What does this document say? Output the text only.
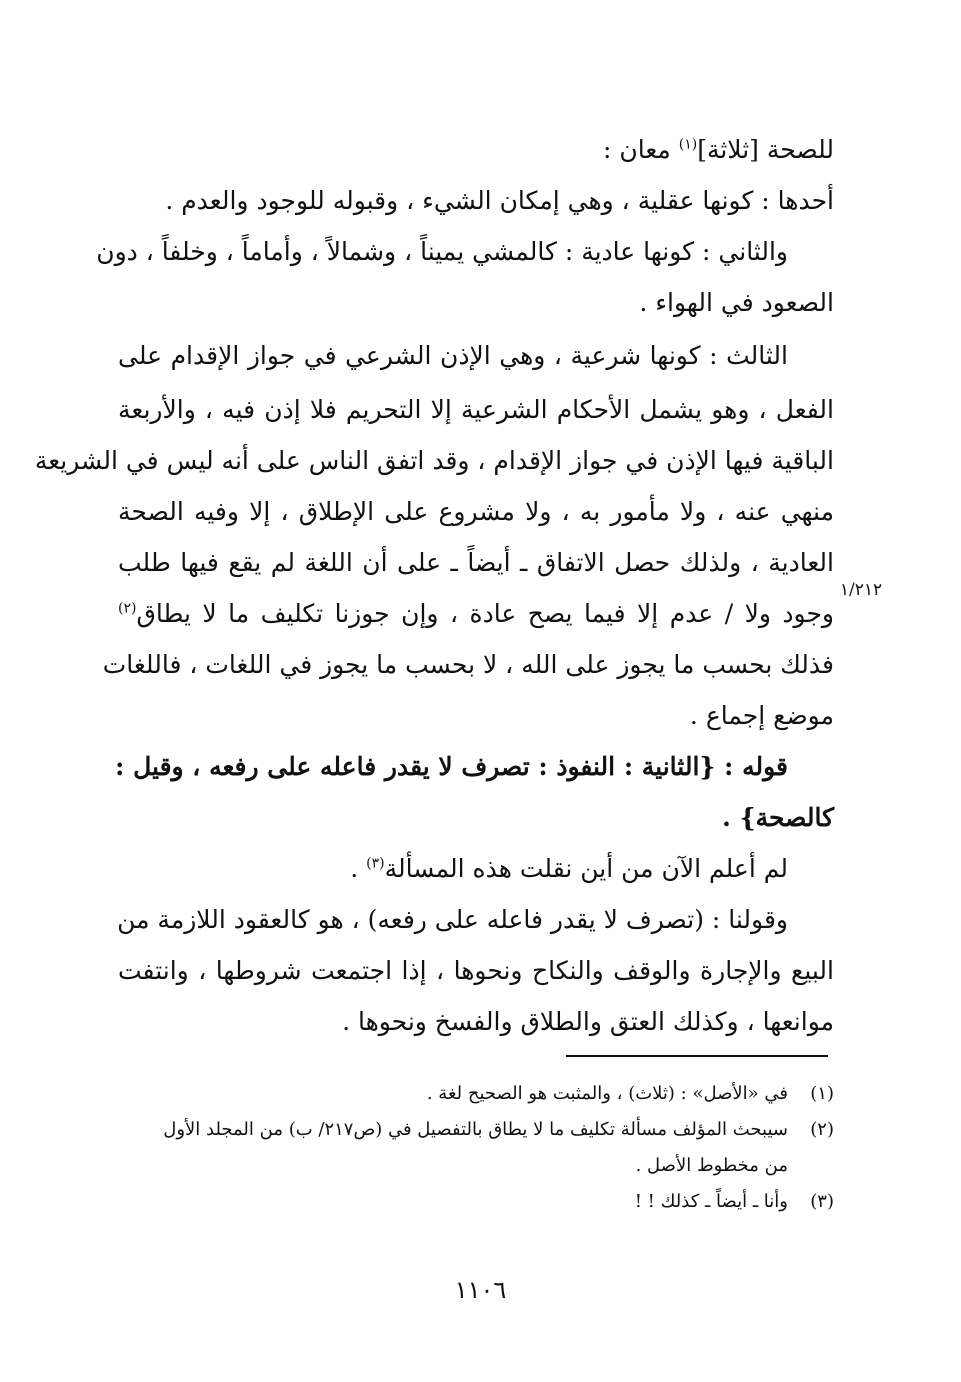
للصحة [ثلاثة]$^{(١)}$ معان :
أحدها : كونها عقلية ، وهي إمكان الشيء ، وقبوله للوجود والعدم .
والثاني : كونها عادية : كالمشي يميناً ، وشمالاً ، وأماماً ، وخلفاً ، دون
الصعود في الهواء .
الثالث : كونها شرعية ، وهي الإذن الشرعي في جواز الإقدام على
الفعل ، وهو يشمل الأحكام الشرعية إلا التحريم فلا إذن فيه ، والأربعة
الباقية فيها الإذن في جواز الإقدام ، وقد اتفق الناس على أنه ليس في الشريعة
منهي عنه ، ولا مأمور به ، ولا مشروع على الإطلاق ، إلا وفيه الصحة
العادية ، ولذلك حصل الاتفاق ـ أيضاً ـ على أن اللغة لم يقع فيها طلب
وجود ولا / عدم إلا فيما يصح عادة ، وإن جوزنا تكليف ما لا يطاق$^{(٢)}$
فذلك بحسب ما يجوز على الله ، لا بحسب ما يجوز في اللغات ، فاللغات
موضع إجماع .
قوله : {الثانية : النفوذ : تصرف لا يقدر فاعله على رفعه ، وقيل :
كالصحة} .
لم أعلم الآن من أين نقلت هذه المسألة$^{(٣)}$ .
وقولنا : (تصرف لا يقدر فاعله على رفعه) ، هو كالعقود اللازمة من
البيع والإجارة والوقف والنكاح ونحوها ، إذا اجتمعت شروطها ، وانتفت
موانعها ، وكذلك العتق والطلاق والفسخ ونحوها .
١/٢١٢
(١)
في «الأصل» : (ثلاث) ، والمثبت هو الصحيح لغة .
(٢)
سيبحث المؤلف مسألة تكليف ما لا يطاق بالتفصيل في (ص٢١٧/ ب) من المجلد الأول
من مخطوط الأصل .
(٣)
وأنا ـ أيضاً ـ كذلك ! !
١١٠٦
